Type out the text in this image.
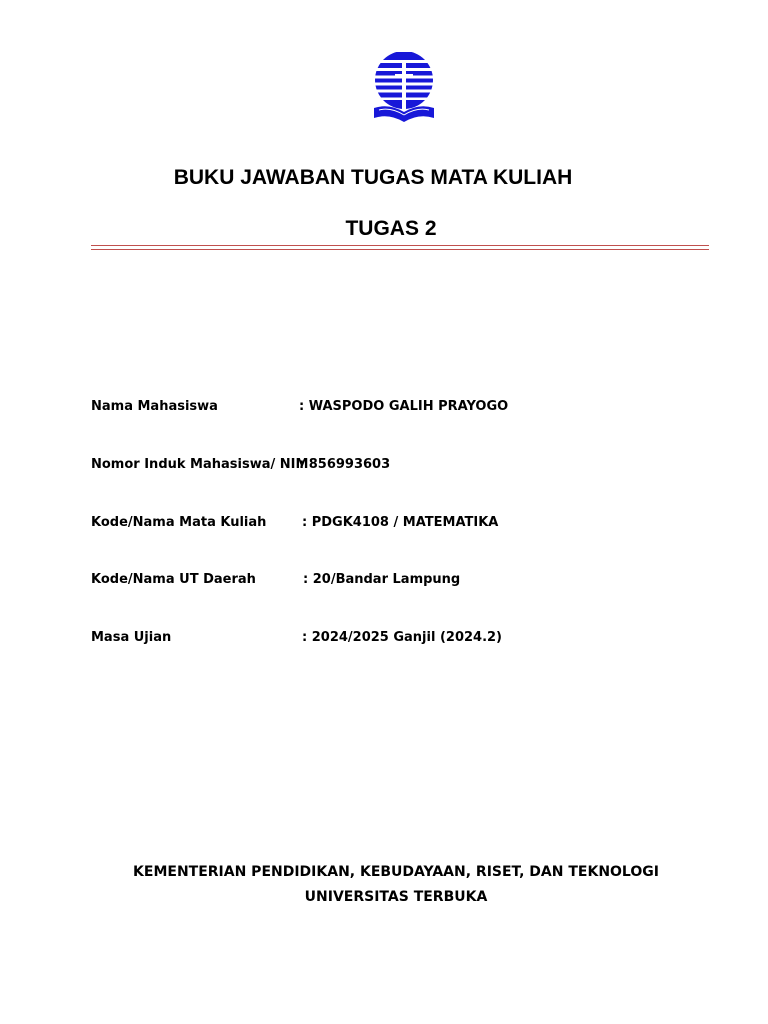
BUKU JAWABAN TUGAS MATA KULIAH
TUGAS 2
Nama Mahasiswa	: WASPODO GALIH PRAYOGO
Nomor Induk Mahasiswa/ NIM
: 856993603
Kode/Nama Mata Kuliah	: PDGK4108 / MATEMATIKA
Kode/Nama UT Daerah	: 20/Bandar Lampung
Masa Ujian	: 2024/2025 Ganjil (2024.2)
KEMENTERIAN PENDIDIKAN, KEBUDAYAAN, RISET, DAN TEKNOLOGI
UNIVERSITAS TERBUKA
